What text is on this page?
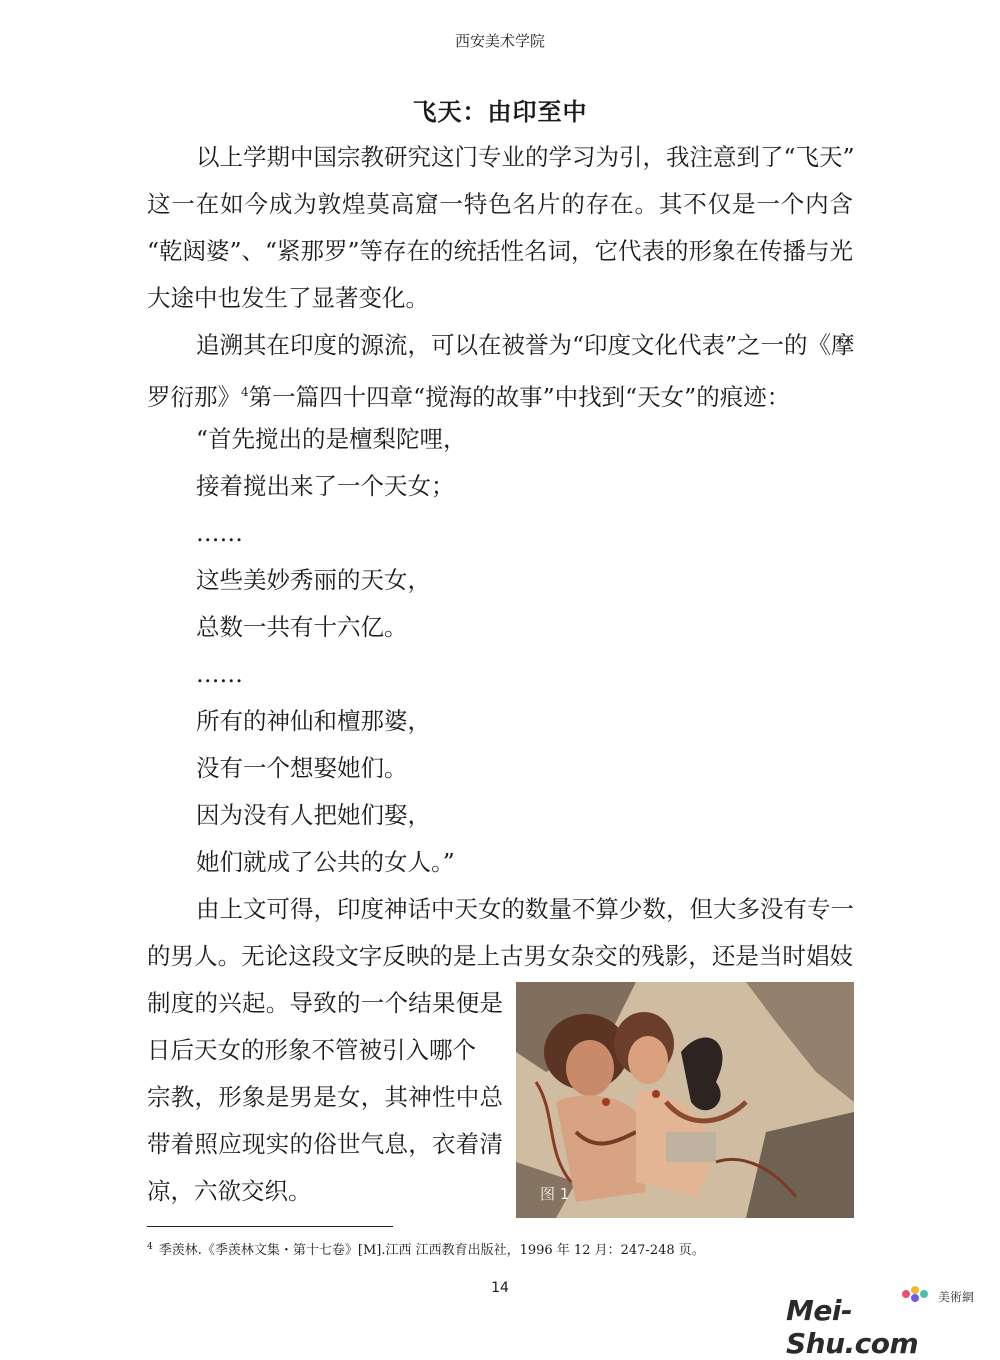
西安美术学院
飞天：由印至中
以上学期中国宗教研究这门专业的学习为引，我注意到了“飞天”
这一在如今成为敦煌莫高窟一特色名片的存在。其不仅是一个内含
“乾闼婆”、“紧那罗”等存在的统括性名词，它代表的形象在传播与光
大途中也发生了显著变化。
追溯其在印度的源流，可以在被誉为“印度文化代表”之一的《摩
罗衍那》$^4$第一篇四十四章“搅海的故事”中找到“天女”的痕迹：
“首先搅出的是檀梨陀哩，
接着搅出来了一个天女；
……
这些美妙秀丽的天女，
总数一共有十六亿。
……
所有的神仙和檀那婆，
没有一个想娶她们。
因为没有人把她们娶，
她们就成了公共的女人。”
由上文可得，印度神话中天女的数量不算少数，但大多没有专一
的男人。无论这段文字反映的是上古男女杂交的残影，还是当时娼妓
制度的兴起。导致的一个结果便是
日后天女的形象不管被引入哪个
宗教，形象是男是女，其神性中总
带着照应现实的俗世气息，衣着清
凉，六欲交织。	图 1
$^4$ 季羡林.《季羡林文集・第十七卷》[M].江西 江西教育出版社，1996 年 12 月：247-248 页。
14
美術網
Mei-Shu.com
